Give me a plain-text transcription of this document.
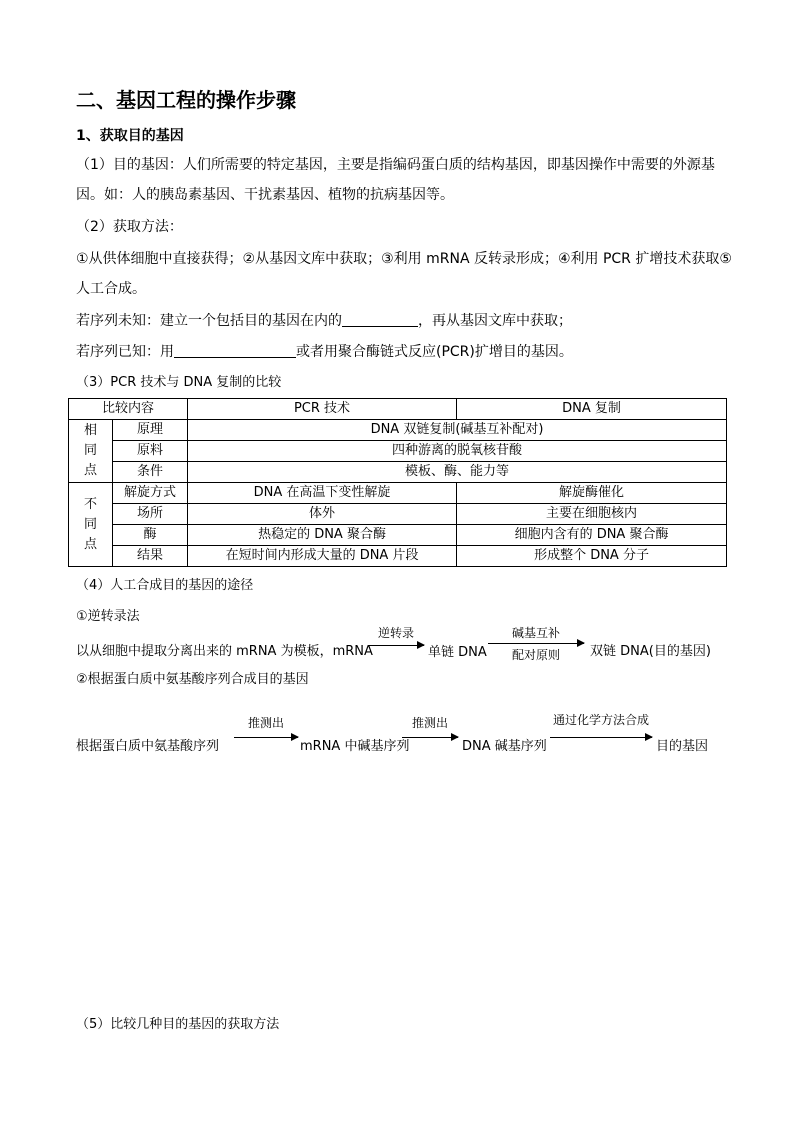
二、基因工程的操作步骤
1、获取目的基因
（1）目的基因：人们所需要的特定基因，主要是指编码蛋白质的结构基因，即基因操作中需要的外源基
因。如：人的胰岛素基因、干扰素基因、植物的抗病基因等。
（2）获取方法：
①从供体细胞中直接获得；②从基因文库中获取；③利用 mRNA 反转录形成；④利用 PCR 扩增技术获取⑤
人工合成。
若序列未知：建立一个包括目的基因在内的	，再从基因文库中获取；
若序列已知：用	或者用聚合酶链式反应(PCR)扩增目的基因。
（3）PCR 技术与 DNA 复制的比较
比较内容		PCR 技术	DNA 复制
相
同
点	原理	DNA 双链复制(碱基互补配对)	
	原料	四种游离的脱氧核苷酸	
	条件	模板、酶、能力等	
不
同
点	解旋方式	DNA 在高温下变性解旋	解旋酶催化
	场所	体外	主要在细胞核内
	酶	热稳定的 DNA 聚合酶	细胞内含有的 DNA 聚合酶
	结果	在短时间内形成大量的 DNA 片段	形成整个 DNA 分子
（4）人工合成目的基因的途径
①逆转录法
以从细胞中提取分离出来的 mRNA 为模板，mRNA
逆转录
单链 DNA
碱基互补
配对原则	双链 DNA(目的基因)
②根据蛋白质中氨基酸序列合成目的基因
根据蛋白质中氨基酸序列
推测出
mRNA 中碱基序列
推测出
DNA 碱基序列
通过化学方法合成
目的基因
（5）比较几种目的基因的获取方法
